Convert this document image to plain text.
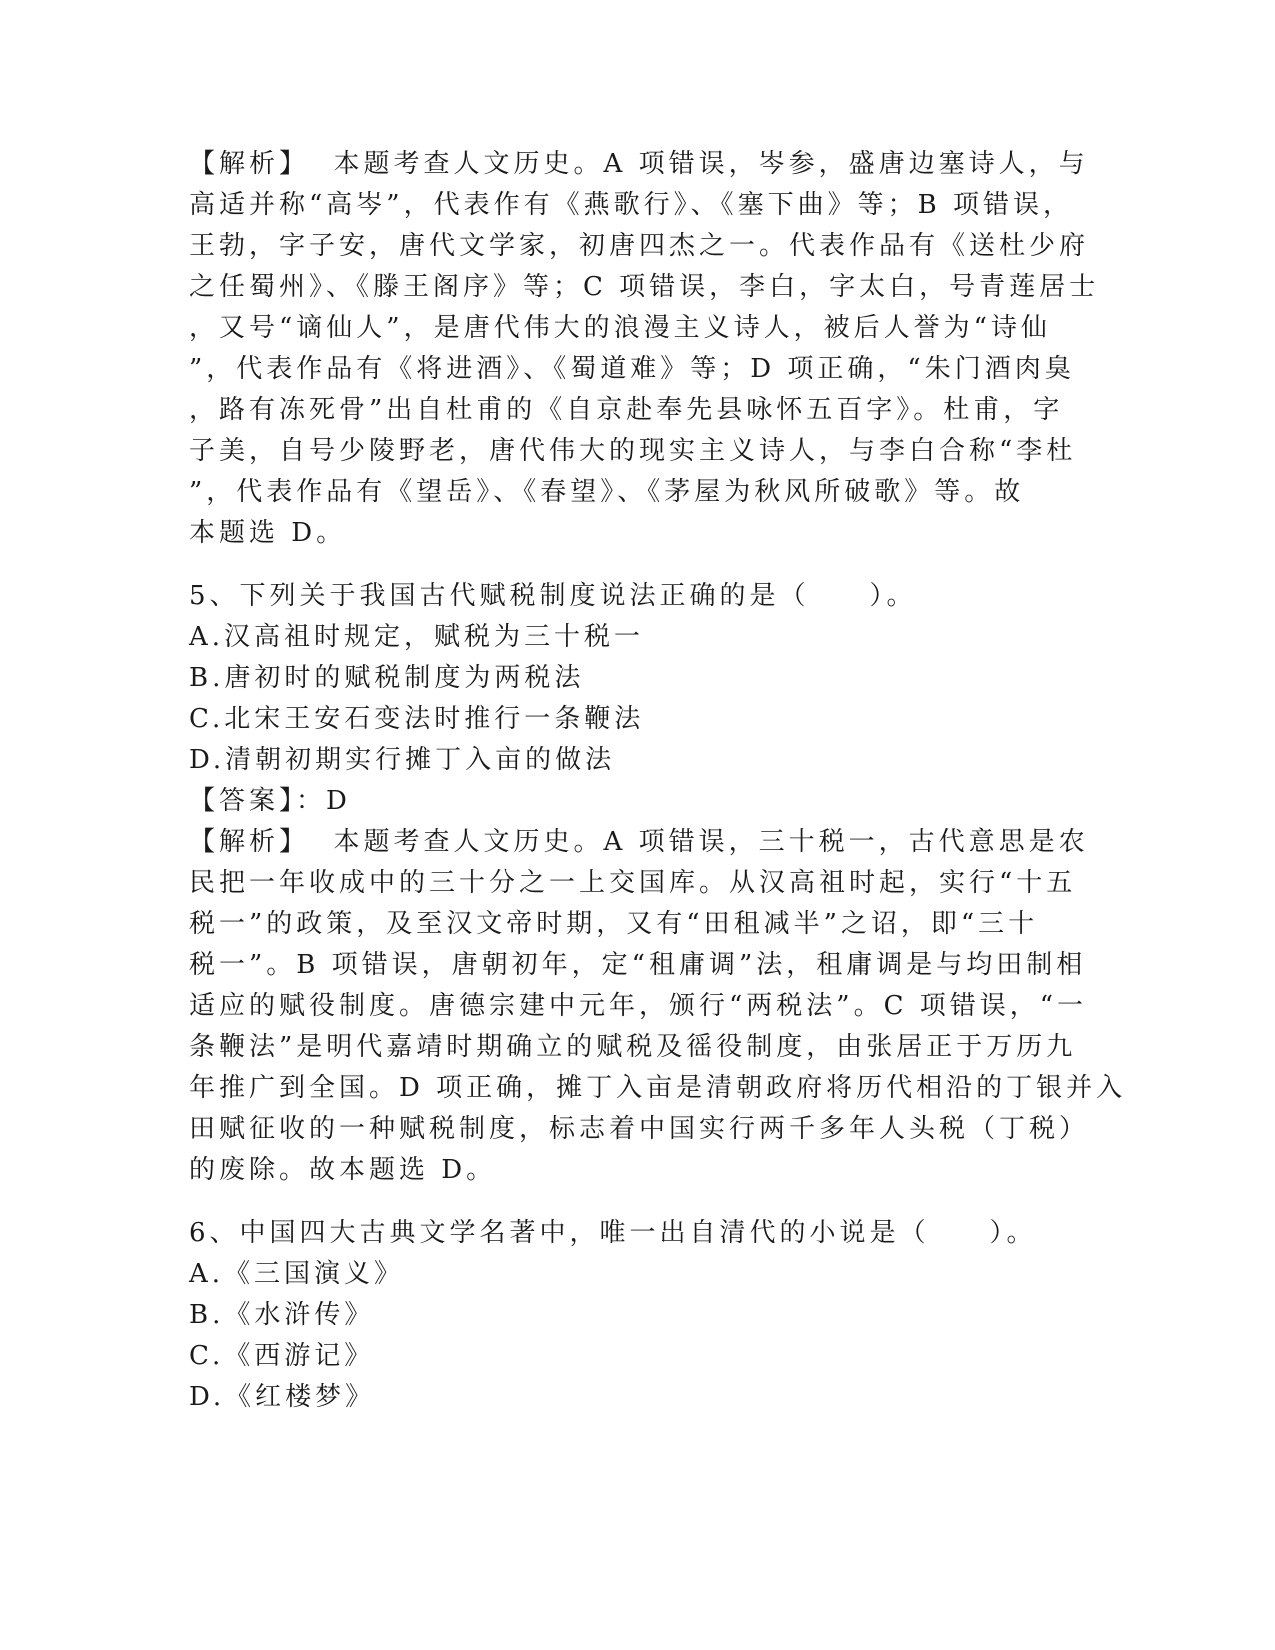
【解析】  本题考查人文历史。A 项错误，岑参，盛唐边塞诗人，与
高适并称“高岑”，代表作有《燕歌行》、《塞下曲》等；B 项错误，
王勃，字子安，唐代文学家，初唐四杰之一。代表作品有《送杜少府
之任蜀州》、《滕王阁序》等；C 项错误，李白，字太白，号青莲居士
，又号“谪仙人”，是唐代伟大的浪漫主义诗人，被后人誉为“诗仙
”，代表作品有《将进酒》、《蜀道难》等；D 项正确，“朱门酒肉臭
，路有冻死骨”出自杜甫的《自京赴奉先县咏怀五百字》。杜甫，字
子美，自号少陵野老，唐代伟大的现实主义诗人，与李白合称“李杜
”，代表作品有《望岳》、《春望》、《茅屋为秋风所破歌》等。故
本题选 D。
5、下列关于我国古代赋税制度说法正确的是（　　）。
A.汉高祖时规定，赋税为三十税一
B.唐初时的赋税制度为两税法
C.北宋王安石变法时推行一条鞭法
D.清朝初期实行摊丁入亩的做法
【答案】：D
【解析】  本题考查人文历史。A 项错误，三十税一，古代意思是农
民把一年收成中的三十分之一上交国库。从汉高祖时起，实行“十五
税一”的政策，及至汉文帝时期，又有“田租减半”之诏，即“三十
税一”。B 项错误，唐朝初年，定“租庸调”法，租庸调是与均田制相
适应的赋役制度。唐德宗建中元年，颁行“两税法”。C 项错误，“一
条鞭法”是明代嘉靖时期确立的赋税及徭役制度，由张居正于万历九
年推广到全国。D 项正确，摊丁入亩是清朝政府将历代相沿的丁银并入
田赋征收的一种赋税制度，标志着中国实行两千多年人头税（丁税）
的废除。故本题选 D。
6、中国四大古典文学名著中，唯一出自清代的小说是（　　）。
A.《三国演义》
B.《水浒传》
C.《西游记》
D.《红楼梦》
